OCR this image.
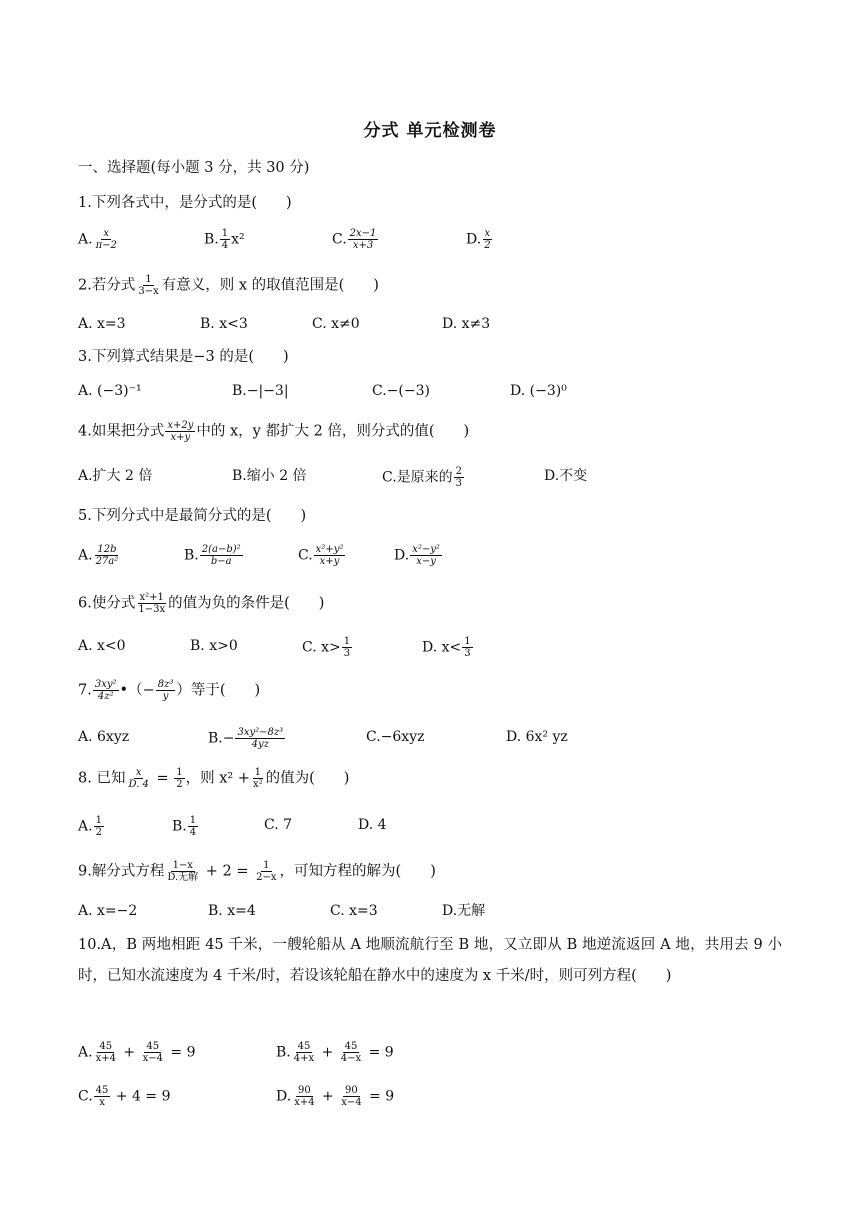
分式 单元检测卷
一、选择题(每小题 3 分，共 30 分)
1.下列各式中，是分式的是(　　)
A. $\frac{x}{\pi-2}$	B. $\frac{1}{4} x^2$	C. $\frac{2x-1}{x+3}$	D. $\frac{x}{2}$
2.若分式 $\frac{1}{3-x}$ 有意义，则 x 的取值范围是(　　)
A. x=3	B. x<3	C. x≠0	D. x≠3
3.下列算式结果是−3 的是(　　)
A. (−3)⁻¹	B.−|−3|	C.−(−3)	D. (−3)⁰
4.如果把分式 $\frac{x+2y}{x+y}$ 中的 x，y 都扩大 2 倍，则分式的值(　　)
A.扩大 2 倍	B.缩小 2 倍	C.是原来的 $\frac{2}{3}$	D.不变
5.下列分式中是最简分式的是(　　)
A. $\frac{12b}{\text{27a²}}$	B. $\frac{\text{2(a−b)²}}{b-a}$	C. $\frac{\text{x²+y²}}{x+y}$	D. $\frac{\text{x²−y²}}{x-y}$
6.使分式 $\frac{\text{x²+1}}{1-3x}$ 的值为负的条件是(　　)
A. x<0	B. x>0	C. $x> \frac{1}{3}$	D. $x< \frac{1}{3}$
7. $\frac{\text{3xy²}}{\text{4z²}}$ •（− $\frac{\text{8z³}}{y}$ ）等于(　　)
A. 6xyz	$B.- \frac{\text{3xy²−8z³}}{4yz}$	C.−6xyz	D. 6x² yz
8. 已知 $\frac{x}{D. 4} = \frac{1}{2}$ ，则 $x^2 + \frac{1}{\text{x²}}$ 的值为(　　)
A. $\frac{1}{2}$	B. $\frac{1}{4}$	C. 7	D. 4
9.解分式方程 $\frac{1-x}{\text{D.无解}} + 2 = \frac{1}{2-x}$ ，可知方程的解为(　　)
A. x=−2	B. x=4	C. x=3	D.无解
10.A，B 两地相距 45 千米，一艘轮船从 A 地顺流航行至 B 地，又立即从 B 地逆流返回 A 地，共用去 9 小时，已知水流速度为 4 千米/时，若设该轮船在静水中的速度为 x 千米/时，则可列方程(　　)
A. $\frac{45}{x+4} + \frac{45}{x-4} = 9$	B. $\frac{45}{4+x} + \frac{45}{4-x} = 9$
C. $\frac{45}{x} + 4 = 9$	D. $\frac{90}{x+4} + \frac{90}{x-4} = 9$
